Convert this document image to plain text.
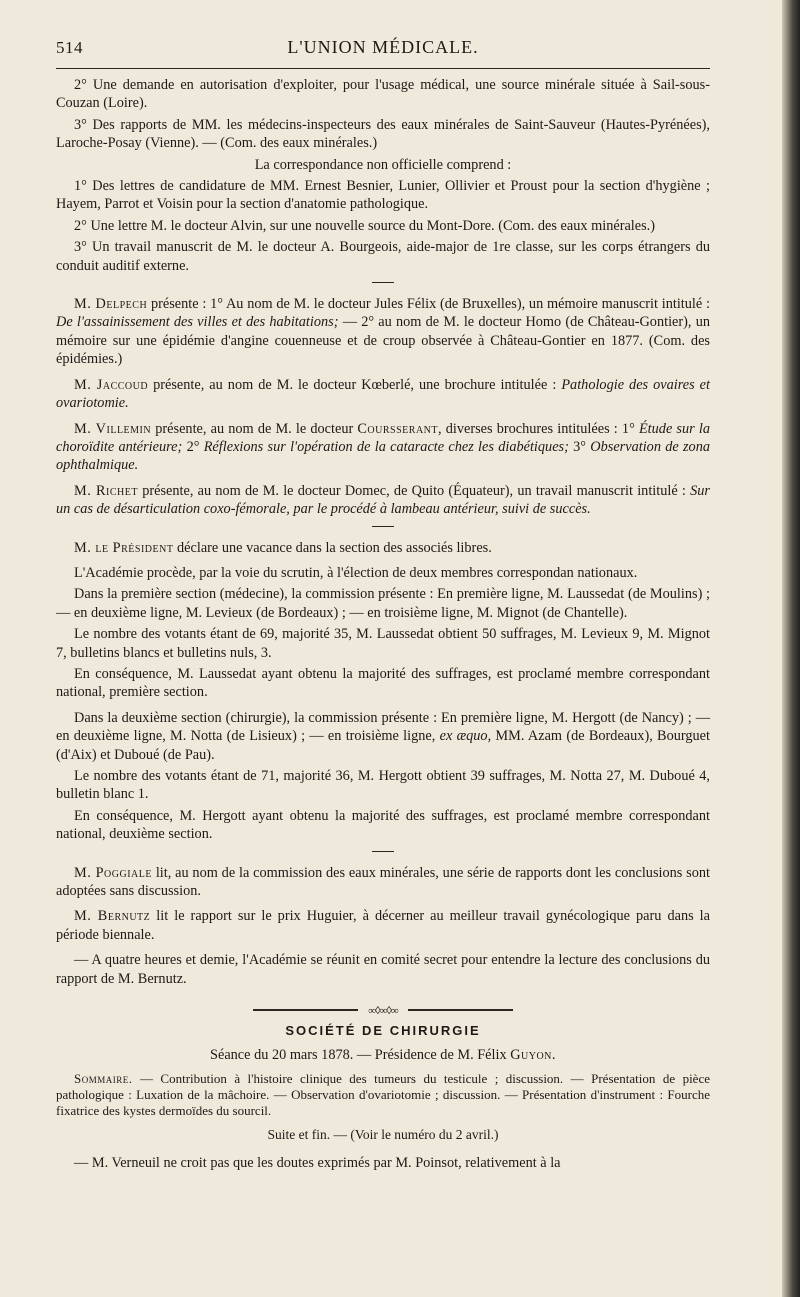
514	L'UNION MÉDICALE.

2° Une demande en autorisation d'exploiter, pour l'usage médical, une source minérale située à Sail-sous-Couzan (Loire).

3° Des rapports de MM. les médecins-inspecteurs des eaux minérales de Saint-Sauveur (Hautes-Pyrénées), Laroche-Posay (Vienne). — (Com. des eaux minérales.)

La correspondance non officielle comprend :

1° Des lettres de candidature de MM. Ernest Besnier, Lunier, Ollivier et Proust pour la section d'hygiène ; Hayem, Parrot et Voisin pour la section d'anatomie pathologique.

2° Une lettre M. le docteur Alvin, sur une nouvelle source du Mont-Dore. (Com. des eaux minérales.)

3° Un travail manuscrit de M. le docteur A. Bourgeois, aide-major de 1re classe, sur les corps étrangers du conduit auditif externe.

M. Delpech présente : 1° Au nom de M. le docteur Jules Félix (de Bruxelles), un mémoire manuscrit intitulé : De l'assainissement des villes et des habitations; — 2° au nom de M. le docteur Homo (de Château-Gontier), un mémoire sur une épidémie d'angine couenneuse et de croup observée à Château-Gontier en 1877. (Com. des épidémies.)

M. Jaccoud présente, au nom de M. le docteur Kœberlé, une brochure intitulée : Pathologie des ovaires et ovariotomie.

M. Villemin présente, au nom de M. le docteur Coursserant, diverses brochures intitulées : 1° Étude sur la choroïdite antérieure; 2° Réflexions sur l'opération de la cataracte chez les diabétiques; 3° Observation de zona ophthalmique.

M. Richet présente, au nom de M. le docteur Domec, de Quito (Équateur), un travail manuscrit intitulé : Sur un cas de désarticulation coxo-fémorale, par le procédé à lambeau antérieur, suivi de succès.

M. le Président déclare une vacance dans la section des associés libres.

L'Académie procède, par la voie du scrutin, à l'élection de deux membres correspondan nationaux.

Dans la première section (médecine), la commission présente : En première ligne, M. Laussedat (de Moulins) ; — en deuxième ligne, M. Levieux (de Bordeaux) ; — en troisième ligne, M. Mignot (de Chantelle).

Le nombre des votants étant de 69, majorité 35, M. Laussedat obtient 50 suffrages, M. Levieux 9, M. Mignot 7, bulletins blancs et bulletins nuls, 3.

En conséquence, M. Laussedat ayant obtenu la majorité des suffrages, est proclamé membre correspondant national, première section.

Dans la deuxième section (chirurgie), la commission présente : En première ligne, M. Hergott (de Nancy) ; — en deuxième ligne, M. Notta (de Lisieux) ; — en troisième ligne, ex æquo, MM. Azam (de Bordeaux), Bourguet (d'Aix) et Duboué (de Pau).

Le nombre des votants étant de 71, majorité 36, M. Hergott obtient 39 suffrages, M. Notta 27, M. Duboué 4, bulletin blanc 1.

En conséquence, M. Hergott ayant obtenu la majorité des suffrages, est proclamé membre correspondant national, deuxième section.

M. Poggiale lit, au nom de la commission des eaux minérales, une série de rapports dont les conclusions sont adoptées sans discussion.

M. Bernutz lit le rapport sur le prix Huguier, à décerner au meilleur travail gynécologique paru dans la période biennale.

— A quatre heures et demie, l'Académie se réunit en comité secret pour entendre la lecture des conclusions du rapport de M. Bernutz.

∞◊∞◊∞
SOCIÉTÉ DE CHIRURGIE
Séance du 20 mars 1878. — Présidence de M. Félix Guyon.

Sommaire. — Contribution à l'histoire clinique des tumeurs du testicule ; discussion. — Présentation de pièce pathologique : Luxation de la mâchoire. — Observation d'ovariotomie ; discussion. — Présentation d'instrument : Fourche fixatrice des kystes dermoïdes du sourcil.

Suite et fin. — (Voir le numéro du 2 avril.)

— M. Verneuil ne croit pas que les doutes exprimés par M. Poinsot, relativement à la
